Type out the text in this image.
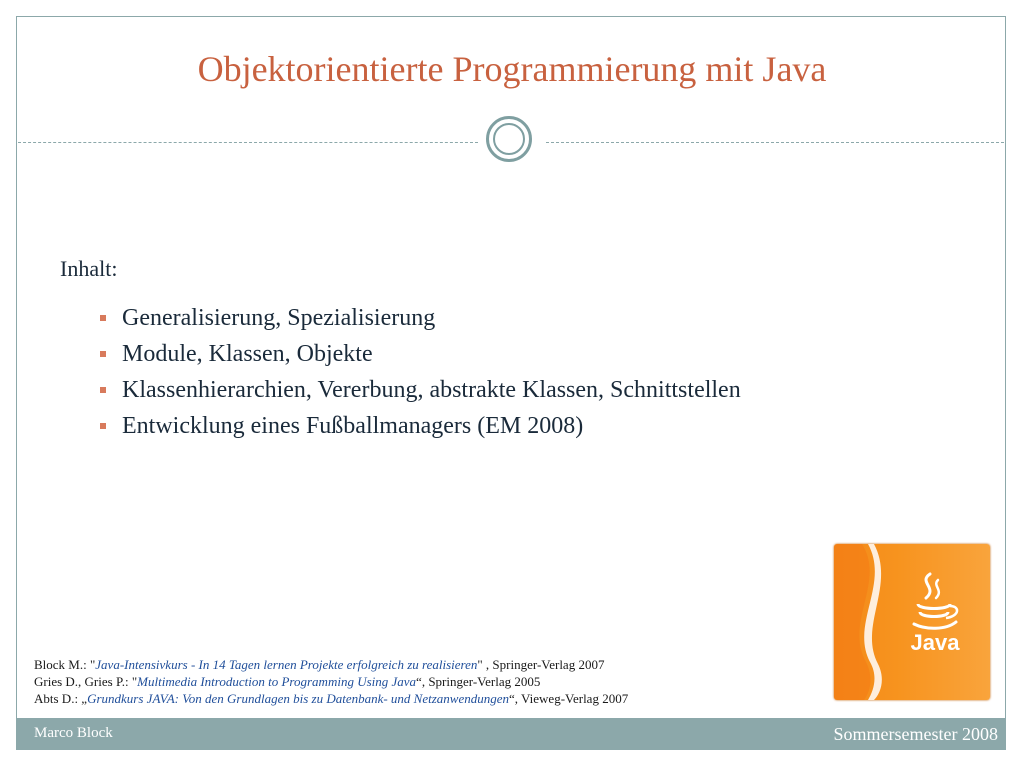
Objektorientierte Programmierung mit Java
Inhalt:
Generalisierung, Spezialisierung
Module, Klassen, Objekte
Klassenhierarchien, Vererbung, abstrakte Klassen, Schnittstellen
Entwicklung eines Fußballmanagers (EM 2008)
Block M.: "Java-Intensivkurs - In 14 Tagen lernen Projekte erfolgreich zu realisieren" , Springer-Verlag 2007
Gries D., Gries P.: "Multimedia Introduction to Programming Using Java“, Springer-Verlag 2005
Abts D.: „Grundkurs JAVA: Von den Grundlagen bis zu Datenbank- und Netzanwendungen“, Vieweg-Verlag 2007
Java
Marco Block	Sommersemester 2008
